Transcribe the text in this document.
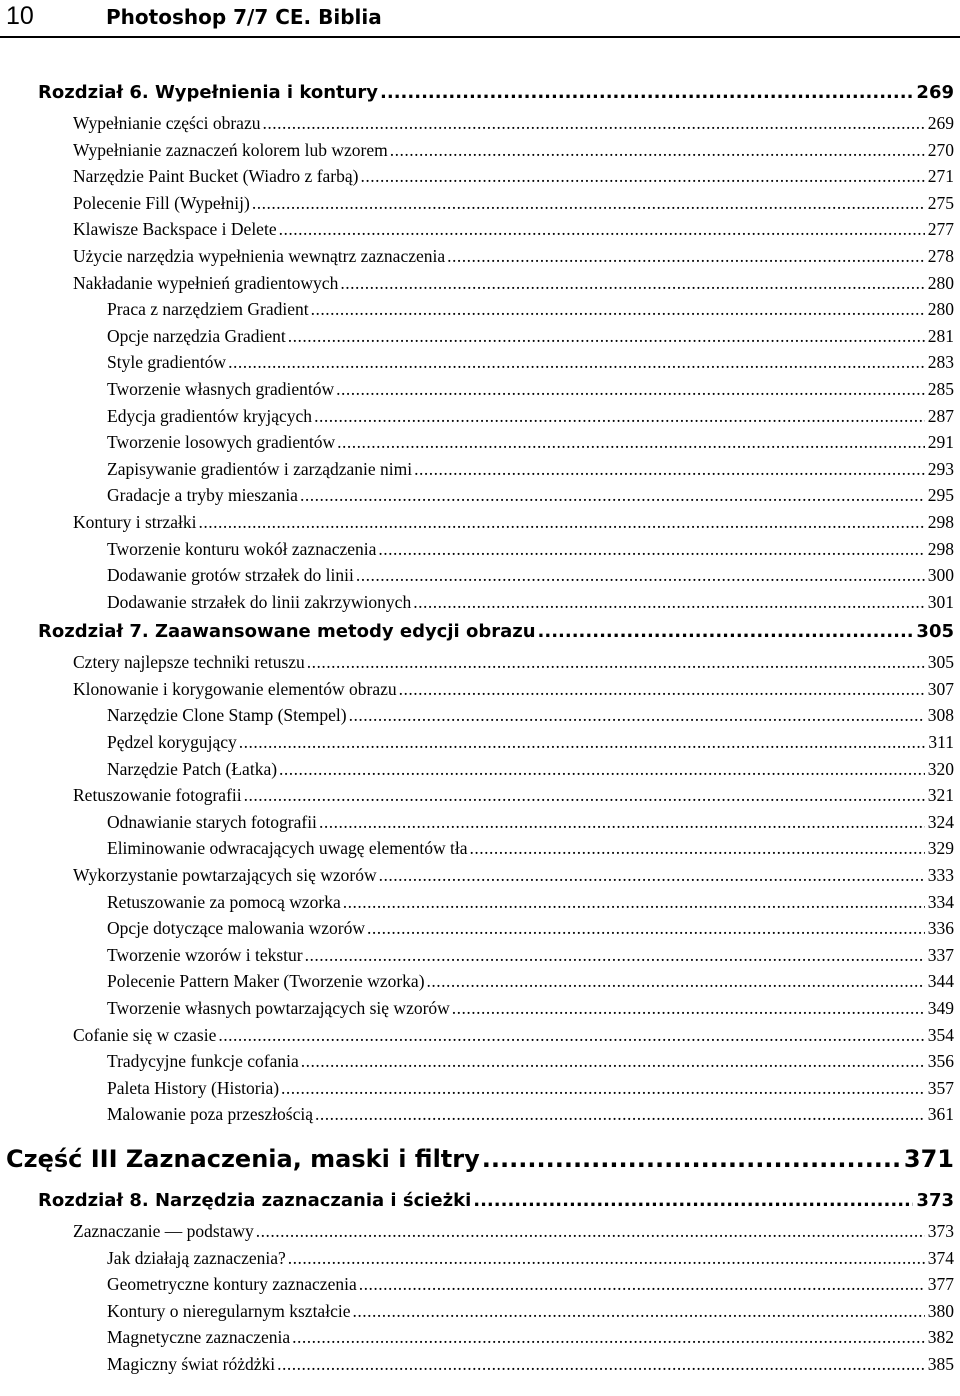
10	Photoshop 7/7 CE. Biblia
Rozdział 6. Wypełnienia i kontury .....	269
Wypełnianie części obrazu .....	269
Wypełnianie zaznaczeń kolorem lub wzorem .....	270
Narzędzie Paint Bucket (Wiadro z farbą) .....	271
Polecenie Fill (Wypełnij) .....	275
Klawisze Backspace i Delete .....	277
Użycie narzędzia wypełnienia wewnątrz zaznaczenia .....	278
Nakładanie wypełnień gradientowych .....	280
Praca z narzędziem Gradient .....	280
Opcje narzędzia Gradient .....	281
Style gradientów .....	283
Tworzenie własnych gradientów .....	285
Edycja gradientów kryjących .....	287
Tworzenie losowych gradientów .....	291
Zapisywanie gradientów i zarządzanie nimi .....	293
Gradacje a tryby mieszania .....	295
Kontury i strzałki .....	298
Tworzenie konturu wokół zaznaczenia .....	298
Dodawanie grotów strzałek do linii .....	300
Dodawanie strzałek do linii zakrzywionych .....	301
Rozdział 7. Zaawansowane metody edycji obrazu .....	305
Cztery najlepsze techniki retuszu .....	305
Klonowanie i korygowanie elementów obrazu .....	307
Narzędzie Clone Stamp (Stempel) .....	308
Pędzel korygujący .....	311
Narzędzie Patch (Łatka) .....	320
Retuszowanie fotografii .....	321
Odnawianie starych fotografii .....	324
Eliminowanie odwracających uwagę elementów tła .....	329
Wykorzystanie powtarzających się wzorów .....	333
Retuszowanie za pomocą wzorka .....	334
Opcje dotyczące malowania wzorów .....	336
Tworzenie wzorów i tekstur .....	337
Polecenie Pattern Maker (Tworzenie wzorka) .....	344
Tworzenie własnych powtarzających się wzorów .....	349
Cofanie się w czasie .....	354
Tradycyjne funkcje cofania .....	356
Paleta History (Historia) .....	357
Malowanie poza przeszłością .....	361
Część III Zaznaczenia, maski i filtry .....	371
Rozdział 8. Narzędzia zaznaczania i ścieżki .....	373
Zaznaczanie — podstawy .....	373
Jak działają zaznaczenia? .....	374
Geometryczne kontury zaznaczenia .....	377
Kontury o nieregularnym kształcie .....	380
Magnetyczne zaznaczenia .....	382
Magiczny świat różdżki .....	385
